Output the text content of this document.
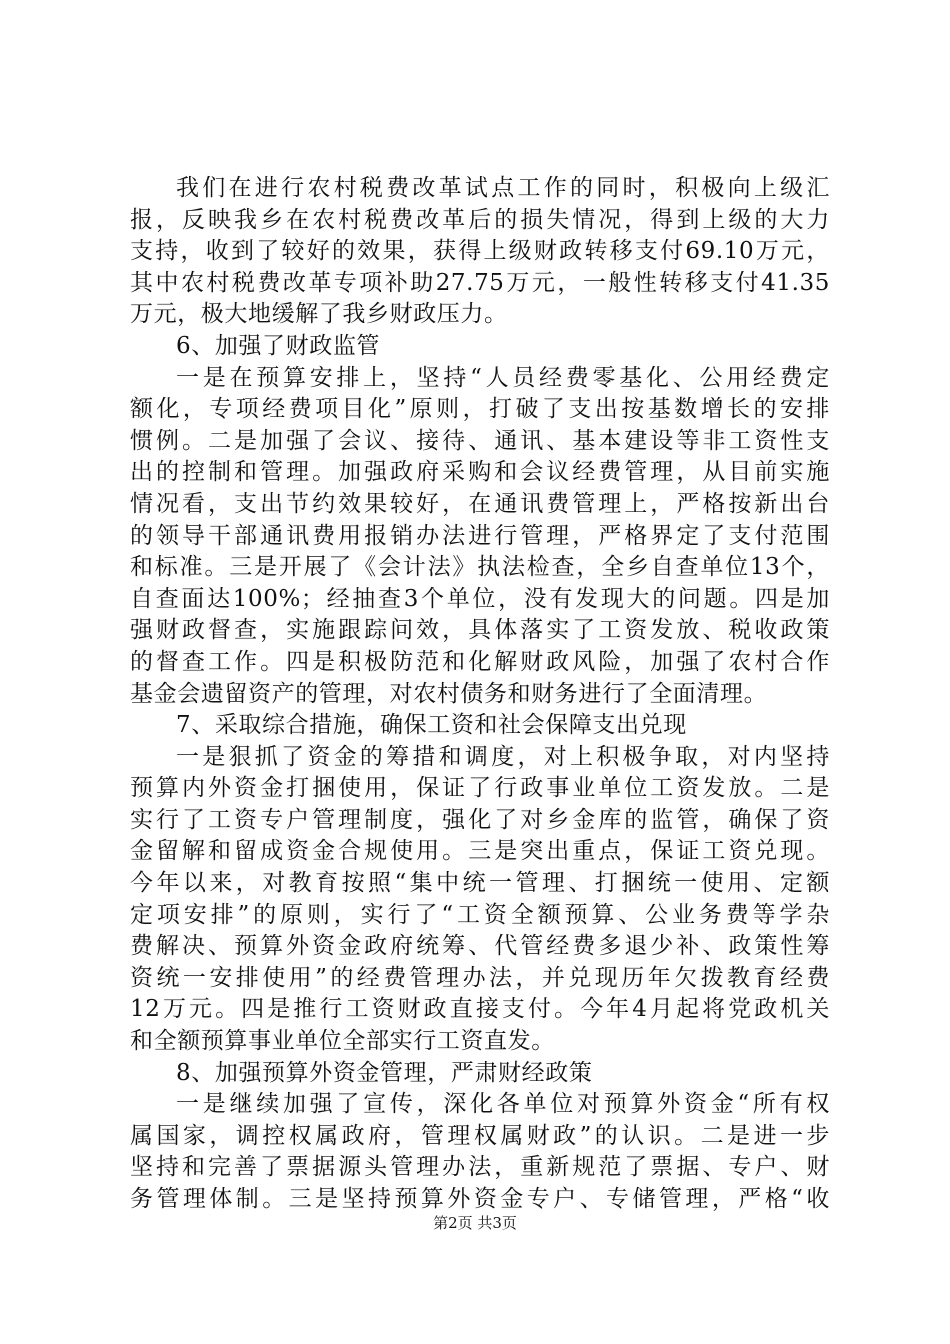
我们在进行农村税费改革试点工作的同时，积极向上级汇
报，反映我乡在农村税费改革后的损失情况，得到上级的大力
支持，收到了较好的效果，获得上级财政转移支付69.10万元，
其中农村税费改革专项补助27.75万元，一般性转移支付41.35
万元，极大地缓解了我乡财政压力。
6、加强了财政监管
一是在预算安排上，坚持“人员经费零基化、公用经费定
额化，专项经费项目化”原则，打破了支出按基数增长的安排
惯例。二是加强了会议、接待、通讯、基本建设等非工资性支
出的控制和管理。加强政府采购和会议经费管理，从目前实施
情况看，支出节约效果较好，在通讯费管理上，严格按新出台
的领导干部通讯费用报销办法进行管理，严格界定了支付范围
和标准。三是开展了《会计法》执法检查，全乡自查单位13个，
自查面达100%；经抽查3个单位，没有发现大的问题。四是加
强财政督查，实施跟踪问效，具体落实了工资发放、税收政策
的督查工作。四是积极防范和化解财政风险，加强了农村合作
基金会遗留资产的管理，对农村债务和财务进行了全面清理。
7、采取综合措施，确保工资和社会保障支出兑现
一是狠抓了资金的筹措和调度，对上积极争取，对内坚持
预算内外资金打捆使用，保证了行政事业单位工资发放。二是
实行了工资专户管理制度，强化了对乡金库的监管，确保了资
金留解和留成资金合规使用。三是突出重点，保证工资兑现。
今年以来，对教育按照“集中统一管理、打捆统一使用、定额
定项安排”的原则，实行了“工资全额预算、公业务费等学杂
费解决、预算外资金政府统筹、代管经费多退少补、政策性筹
资统一安排使用”的经费管理办法，并兑现历年欠拨教育经费
12万元。四是推行工资财政直接支付。今年4月起将党政机关
和全额预算事业单位全部实行工资直发。
8、加强预算外资金管理，严肃财经政策
一是继续加强了宣传，深化各单位对预算外资金“所有权
属国家，调控权属政府，管理权属财政”的认识。二是进一步
坚持和完善了票据源头管理办法，重新规范了票据、专户、财
务管理体制。三是坚持预算外资金专户、专储管理，严格“收
第2页 共3页
